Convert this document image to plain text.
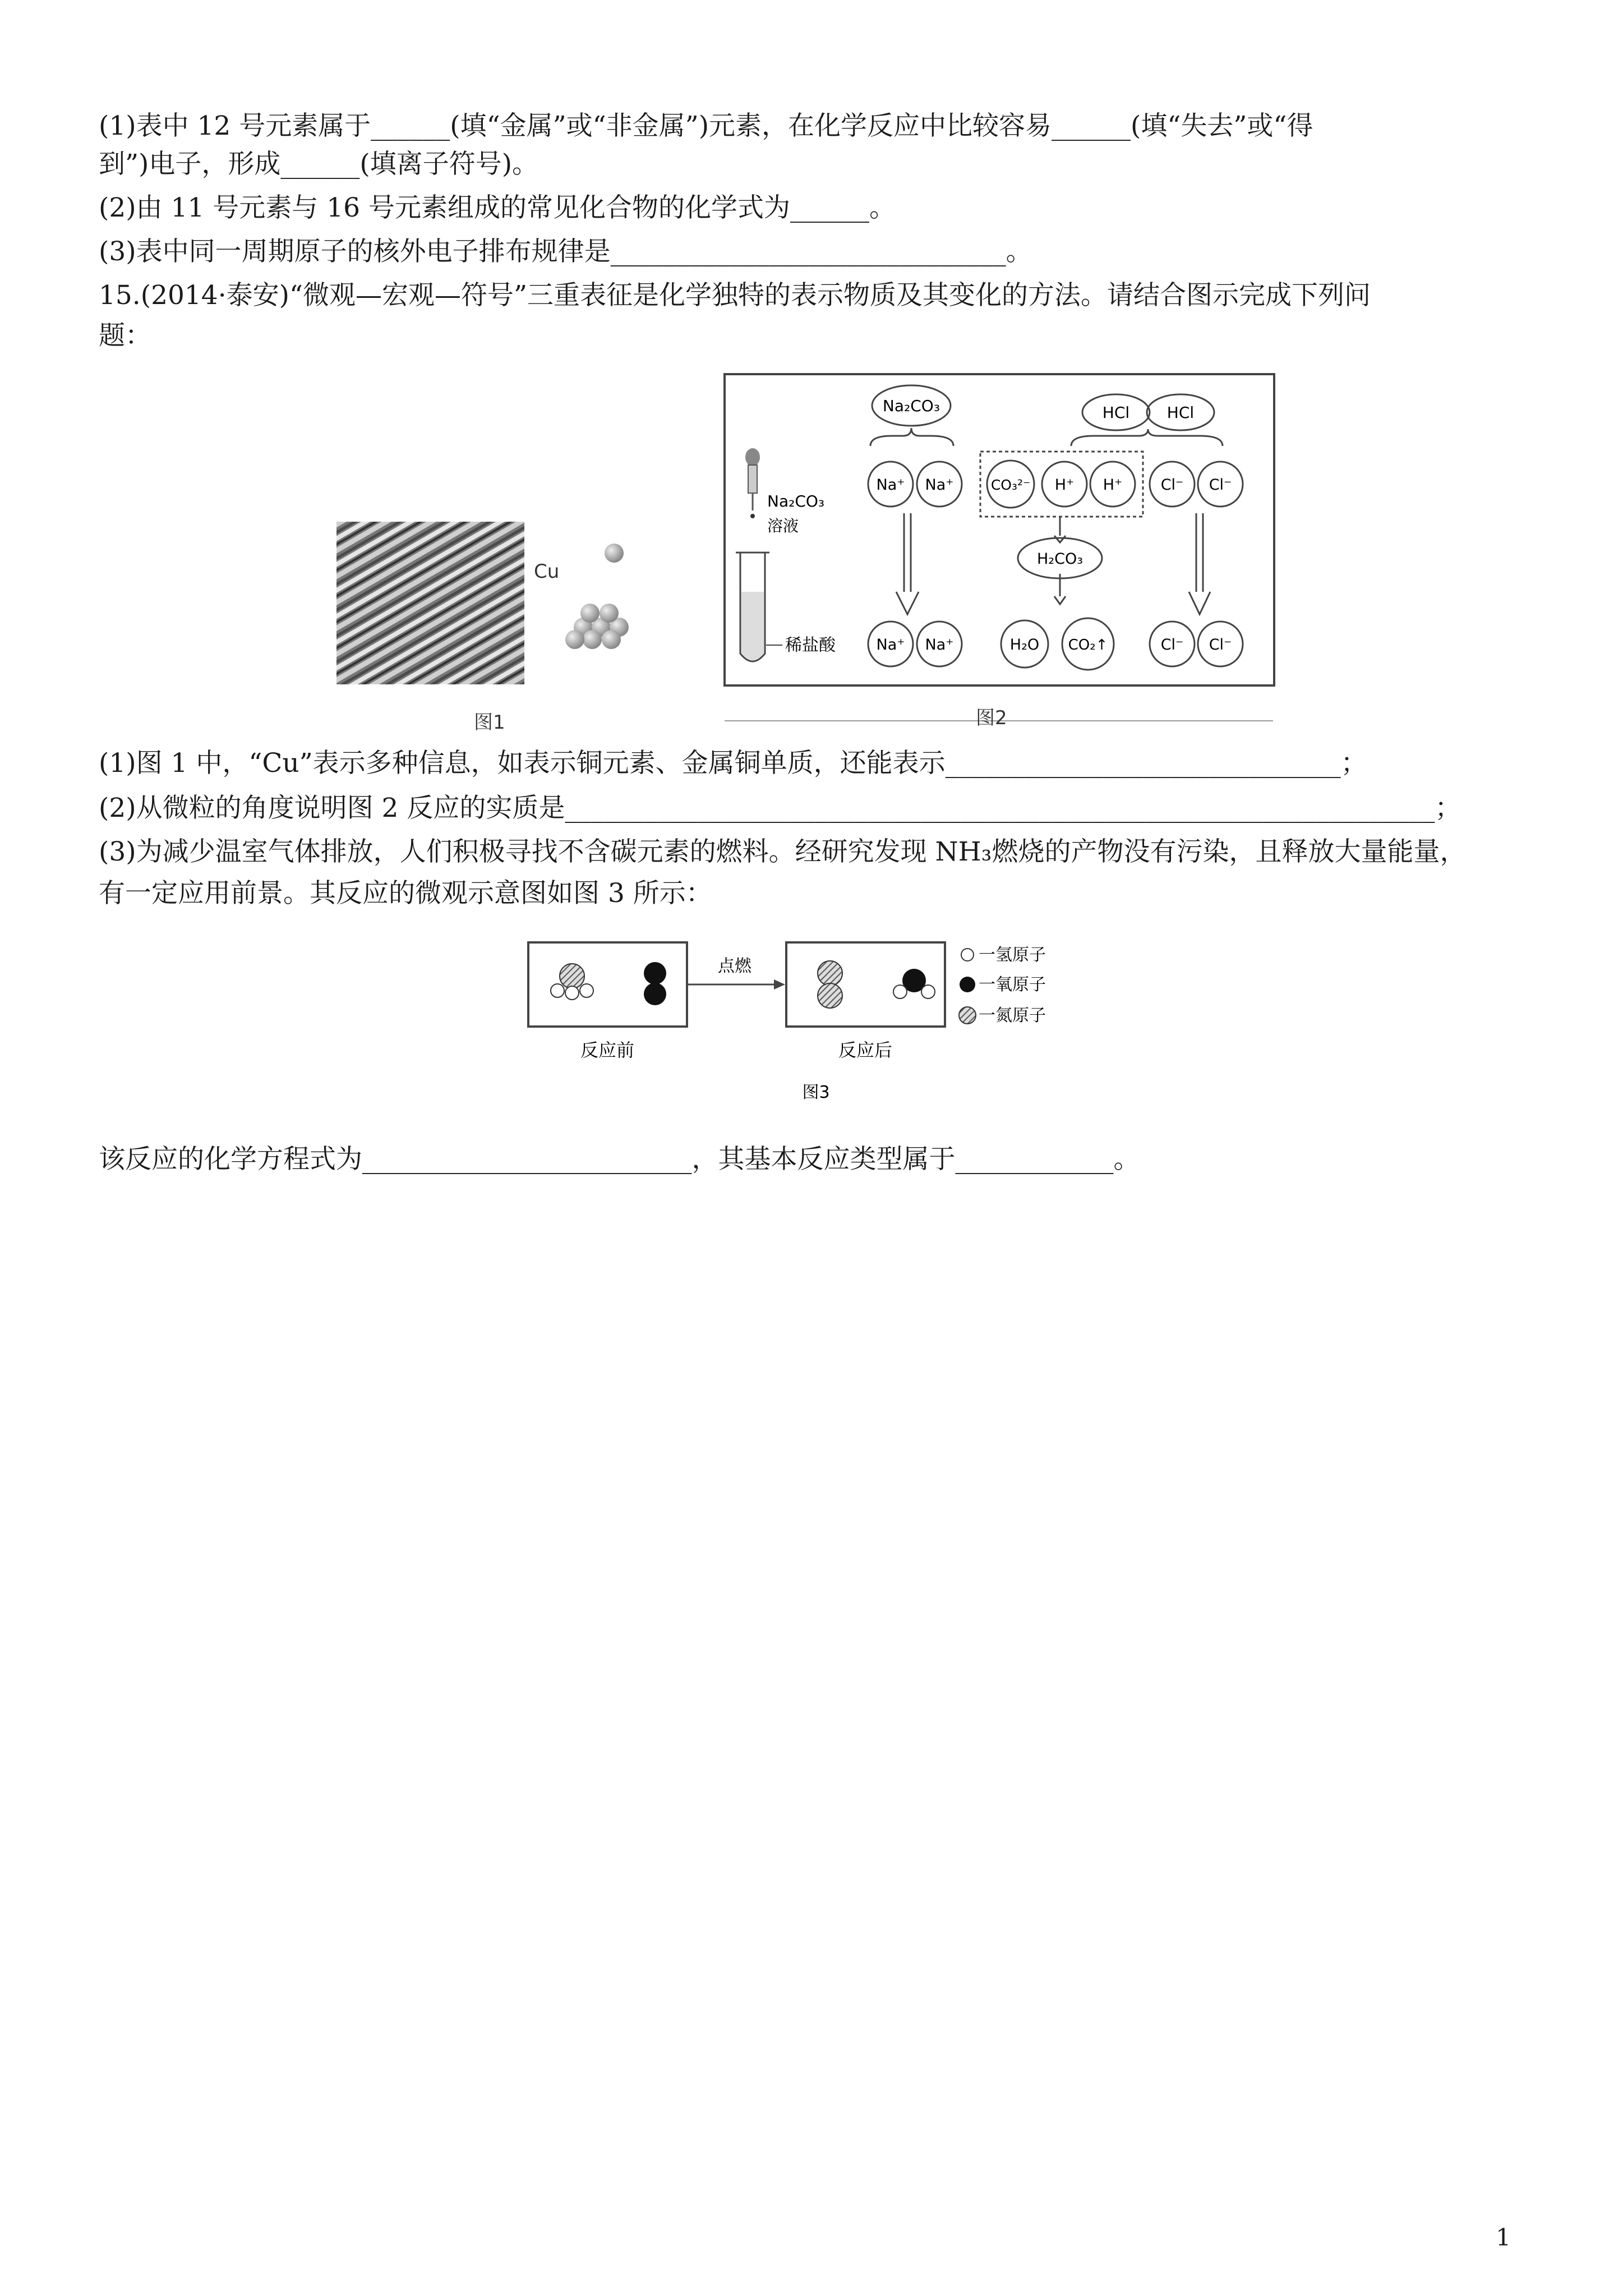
(1)表中 12 号元素属于______(填“金属”或“非金属”)元素，在化学反应中比较容易______(填“失去”或“得
到”)电子，形成______(填离子符号)。
(2)由 11 号元素与 16 号元素组成的常见化合物的化学式为______。
(3)表中同一周期原子的核外电子排布规律是______________________________。
15.(2014·泰安)“微观—宏观—符号”三重表征是化学独特的表示物质及其变化的方法。请结合图示完成下列问
题：
Cu
图1
Na₂CO₃
溶液
稀盐酸
Na₂CO₃	HCl HCl
Na⁺ Na⁺	CO₃²⁻ H⁺ H⁺	Cl⁻ Cl⁻
H₂CO₃
Na⁺ Na⁺	H₂O CO₂↑	Cl⁻ Cl⁻
图2
(1)图 1 中，“Cu”表示多种信息，如表示铜元素、金属铜单质，还能表示______________________________；
(2)从微粒的角度说明图 2 反应的实质是__________________________________________________________________；
(3)为减少温室气体排放，人们积极寻找不含碳元素的燃料。经研究发现 NH₃燃烧的产物没有污染，且释放大量能量，
有一定应用前景。其反应的微观示意图如图 3 所示：
点燃
反应前	反应后
一氢原子
一氧原子
一氮原子
图3
该反应的化学方程式为_________________________，其基本反应类型属于____________。
1
